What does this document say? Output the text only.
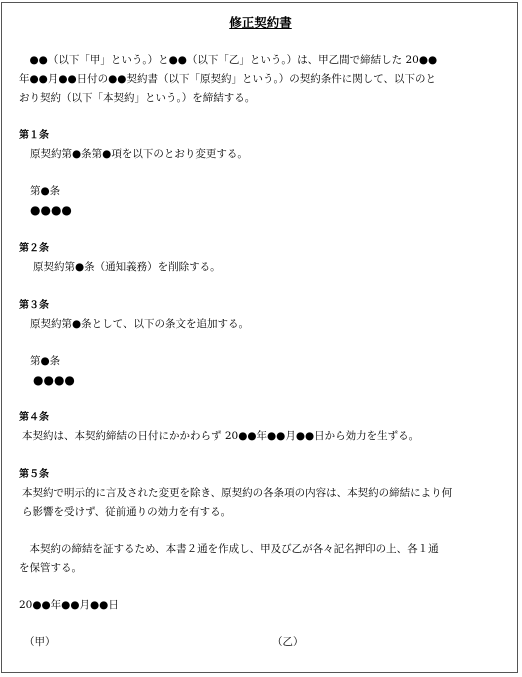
修正契約書
　●●（以下「甲」という。）と●●（以下「乙」という。）は、甲乙間で締結した 20●●
年●●月●●日付の●●契約書（以下「原契約」という。）の契約条件に関して、以下のと
おり契約（以下「本契約」という。）を締結する。
第１条
原契約第●条第●項を以下のとおり変更する。
第●条
●●●●
第２条
原契約第●条（通知義務）を削除する。
第３条
原契約第●条として、以下の条文を追加する。
第●条
●●●●
第４条
本契約は、本契約締結の日付にかかわらず 20●●年●●月●●日から効力を生ずる。
第５条
本契約で明示的に言及された変更を除き、原契約の各条項の内容は、本契約の締結により何
ら影響を受けず、従前通りの効力を有する。
　本契約の締結を証するため、本書２通を作成し、甲及び乙が各々記名押印の上、各１通
を保管する。
20●●年●●月●●日
（甲）	（乙）
